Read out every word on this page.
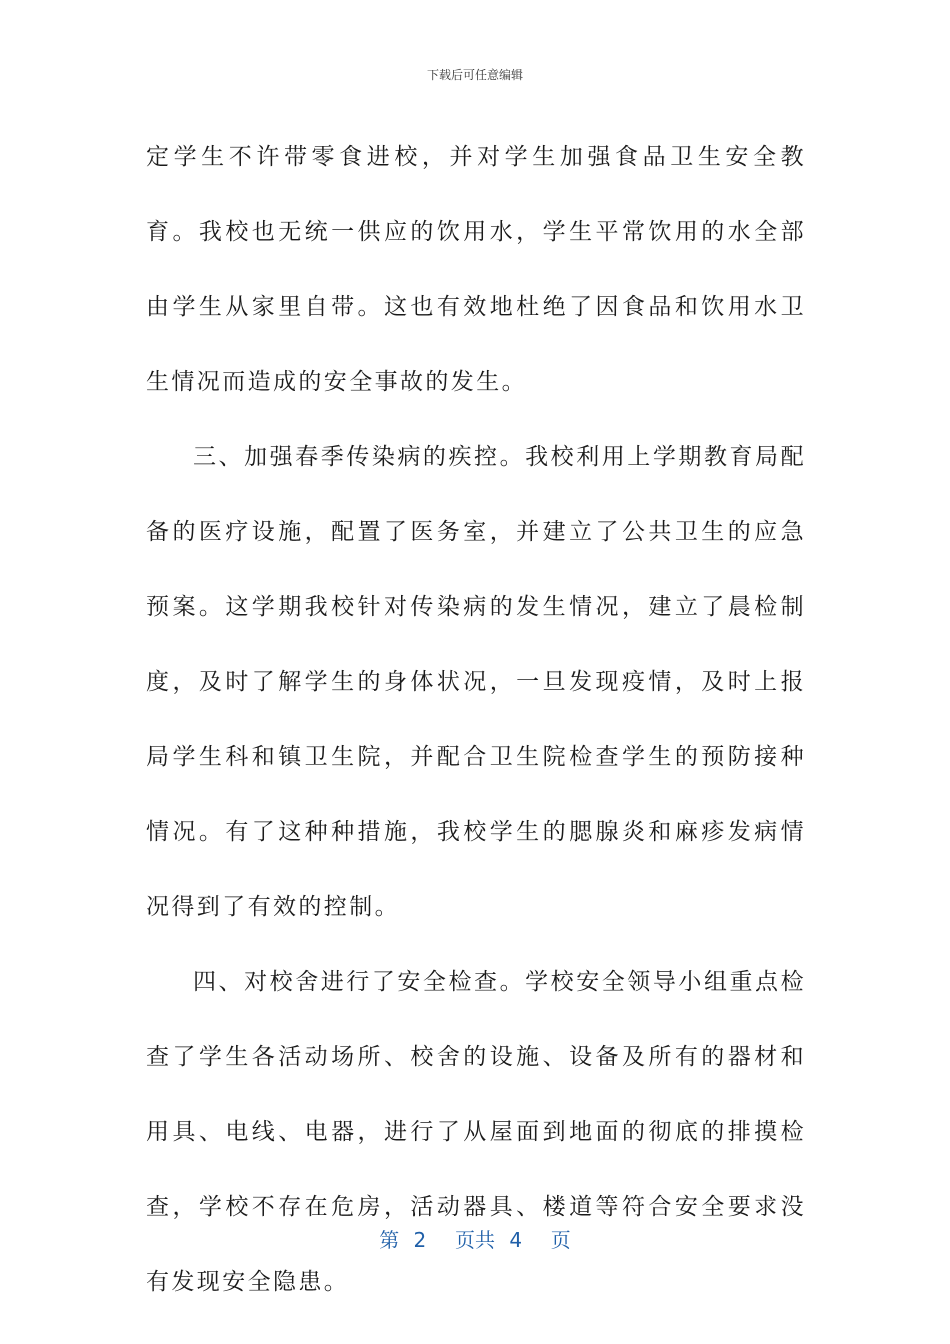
下载后可任意编辑

定学生不许带零食进校，并对学生加强食品卫生安全教育。我校也无统一供应的饮用水，学生平常饮用的水全部由学生从家里自带。这也有效地杜绝了因食品和饮用水卫生情况而造成的安全事故的发生。

三、加强春季传染病的疾控。我校利用上学期教育局配备的医疗设施，配置了医务室，并建立了公共卫生的应急预案。这学期我校针对传染病的发生情况，建立了晨检制度，及时了解学生的身体状况，一旦发现疫情，及时上报局学生科和镇卫生院，并配合卫生院检查学生的预防接种情况。有了这种种措施，我校学生的腮腺炎和麻疹发病情况得到了有效的控制。

四、对校舍进行了安全检查。学校安全领导小组重点检查了学生各活动场所、校舍的设施、设备及所有的器材和用具、电线、电器，进行了从屋面到地面的彻底的排摸检查，学校不存在危房，活动器具、楼道等符合安全要求没有发现安全隐患。

第 2  页共 4  页
